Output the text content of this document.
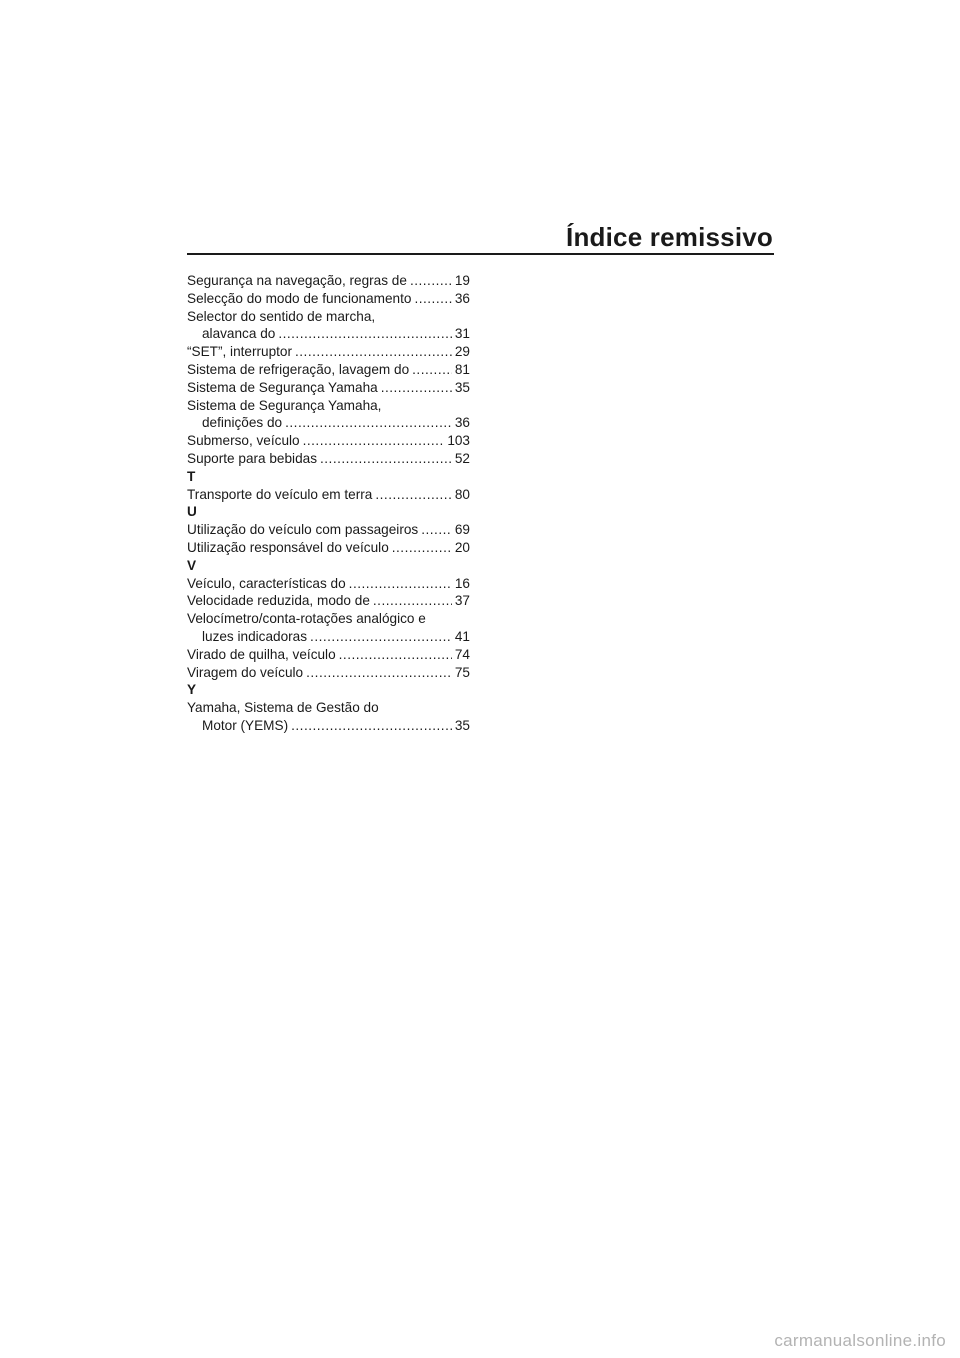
Índice remissivo
Segurança na navegação, regras de .....	19
Selecção do modo de funcionamento .....	36
Selector do sentido de marcha,
alavanca do .....	31
“SET”, interruptor .....	29
Sistema de refrigeração, lavagem do .....	81
Sistema de Segurança Yamaha .....	35
Sistema de Segurança Yamaha,
definições do .....	36
Submerso, veículo .....	103
Suporte para bebidas .....	52
T
Transporte do veículo em terra .....	80
U
Utilização do veículo com passageiros .....	69
Utilização responsável do veículo .....	20
V
Veículo, características do .....	16
Velocidade reduzida, modo de .....	37
Velocímetro/conta-rotações analógico e
luzes indicadoras .....	41
Virado de quilha, veículo .....	74
Viragem do veículo .....	75
Y
Yamaha, Sistema de Gestão do
Motor (YEMS) .....	35
carmanualsonline.info
